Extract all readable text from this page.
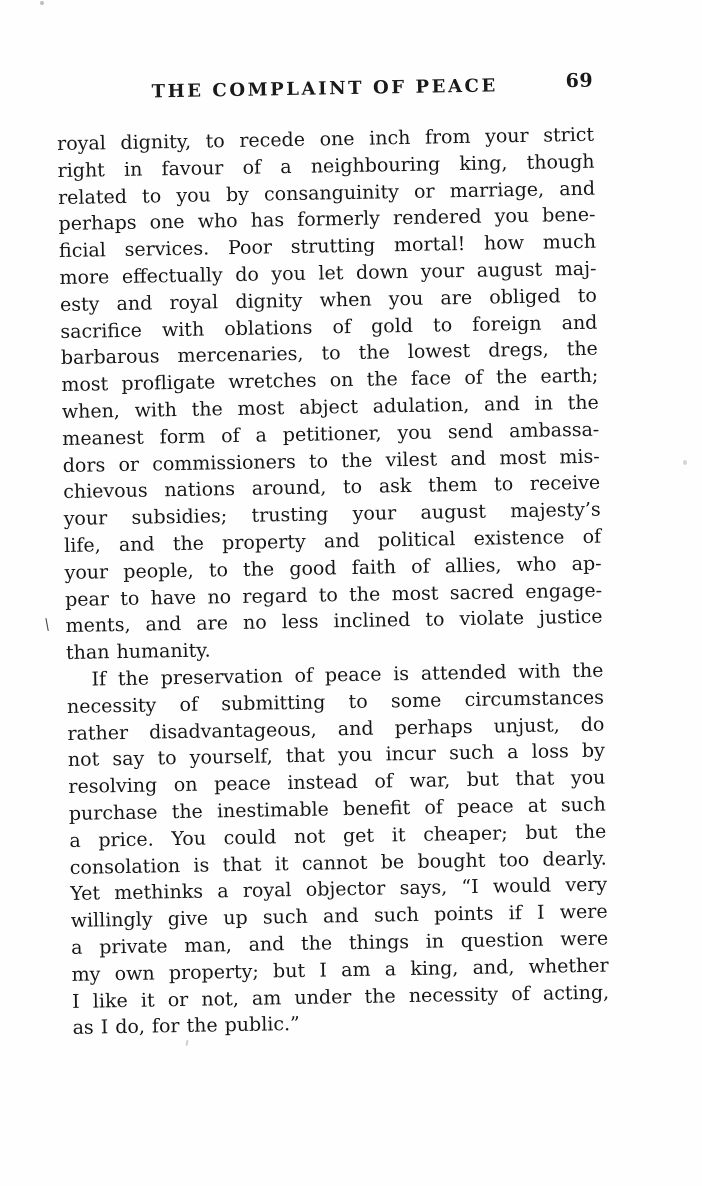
THE COMPLAINT OF PEACE	69
\
royal dignity, to recede one inch from your strict
right in favour of a neighbouring king, though
related to you by consanguinity or marriage, and
perhaps one who has formerly rendered you bene-
ficial services. Poor strutting mortal! how much
more effectually do you let down your august maj-
esty and royal dignity when you are obliged to
sacrifice with oblations of gold to foreign and
barbarous mercenaries, to the lowest dregs, the
most profligate wretches on the face of the earth;
when, with the most abject adulation, and in the
meanest form of a petitioner, you send ambassa-
dors or commissioners to the vilest and most mis-
chievous nations around, to ask them to receive
your subsidies; trusting your august majesty’s
life, and the property and political existence of
your people, to the good faith of allies, who ap-
pear to have no regard to the most sacred engage-
ments, and are no less inclined to violate justice
than humanity.
If the preservation of peace is attended with the
necessity of submitting to some circumstances
rather disadvantageous, and perhaps unjust, do
not say to yourself, that you incur such a loss by
resolving on peace instead of war, but that you
purchase the inestimable benefit of peace at such
a price. You could not get it cheaper; but the
consolation is that it cannot be bought too dearly.
Yet methinks a royal objector says, “I would very
willingly give up such and such points if I were
a private man, and the things in question were
my own property; but I am a king, and, whether
I like it or not, am under the necessity of acting,
as I do, for the public.”
